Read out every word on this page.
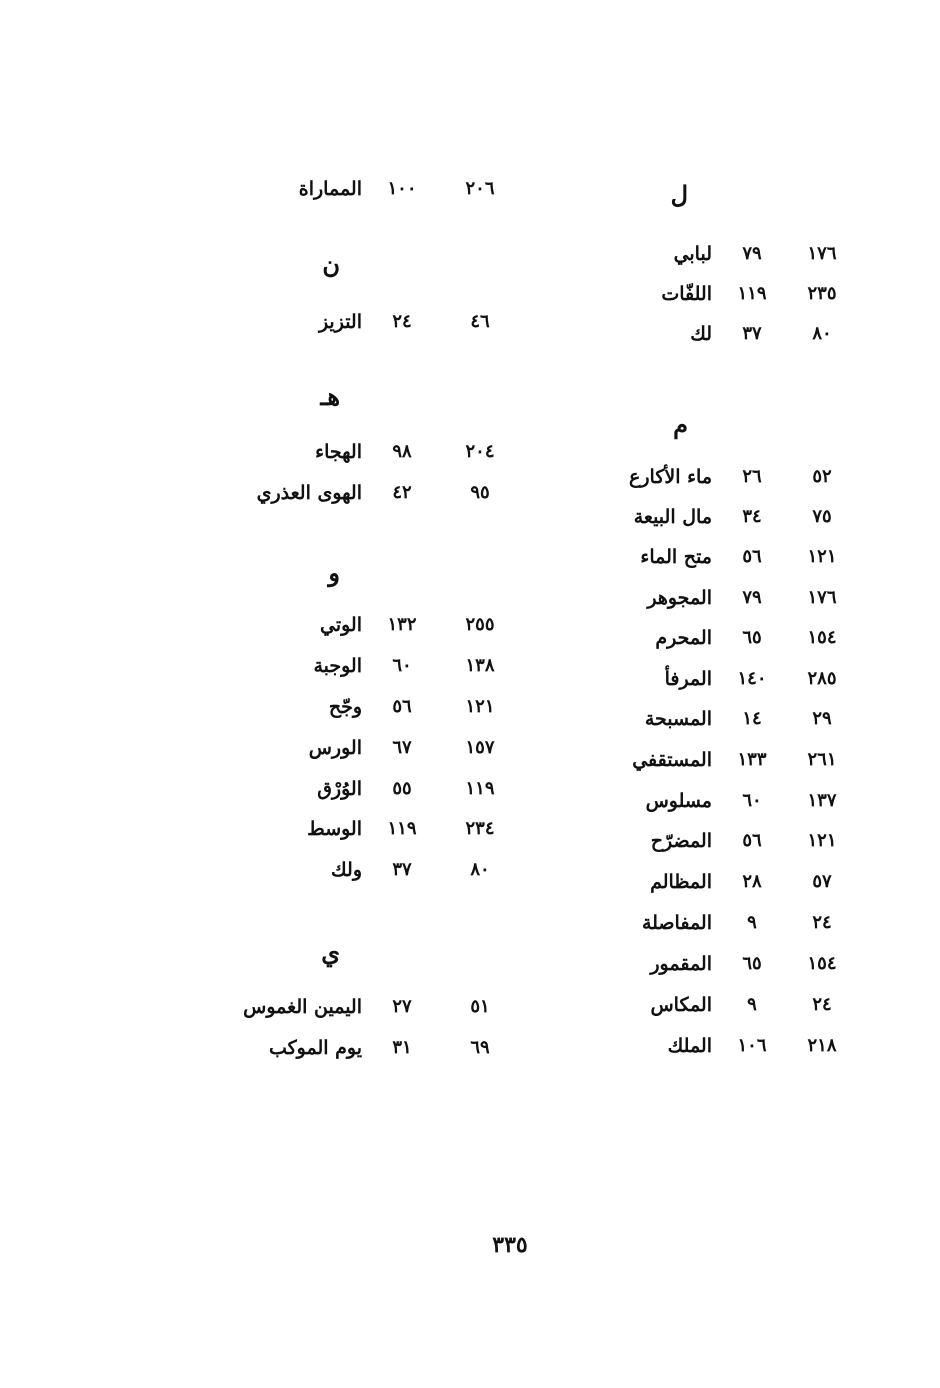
ل
لبابي	٧٩	١٧٦
اللفّات	١١٩	٢٣٥
لك	٣٧	٨٠
م
ماء الأكارع	٢٦	٥٢
مال البيعة	٣٤	٧٥
متح الماء	٥٦	١٢١
المجوهر	٧٩	١٧٦
المحرم	٦٥	١٥٤
المرفأ	١٤٠	٢٨٥
المسبحة	١٤	٢٩
المستقفي	١٣٣	٢٦١
مسلوس	٦٠	١٣٧
المضرّح	٥٦	١٢١
المظالم	٢٨	٥٧
المفاصلة	٩	٢٤
المقمور	٦٥	١٥٤
المكاس	٩	٢٤
الملك	١٠٦	٢١٨
المماراة	١٠٠	٢٠٦
ن
التزيز	٢٤	٤٦
هـ
الهجاء	٩٨	٢٠٤
الهوى العذري	٤٢	٩٥
و
الوتي	١٣٢	٢٥٥
الوجبة	٦٠	١٣٨
وجّح	٥٦	١٢١
الورس	٦٧	١٥٧
الوُرْق	٥٥	١١٩
الوسط	١١٩	٢٣٤
ولك	٣٧	٨٠
ي
اليمين الغموس	٢٧	٥١
يوم الموكب	٣١	٦٩
٣٣٥
